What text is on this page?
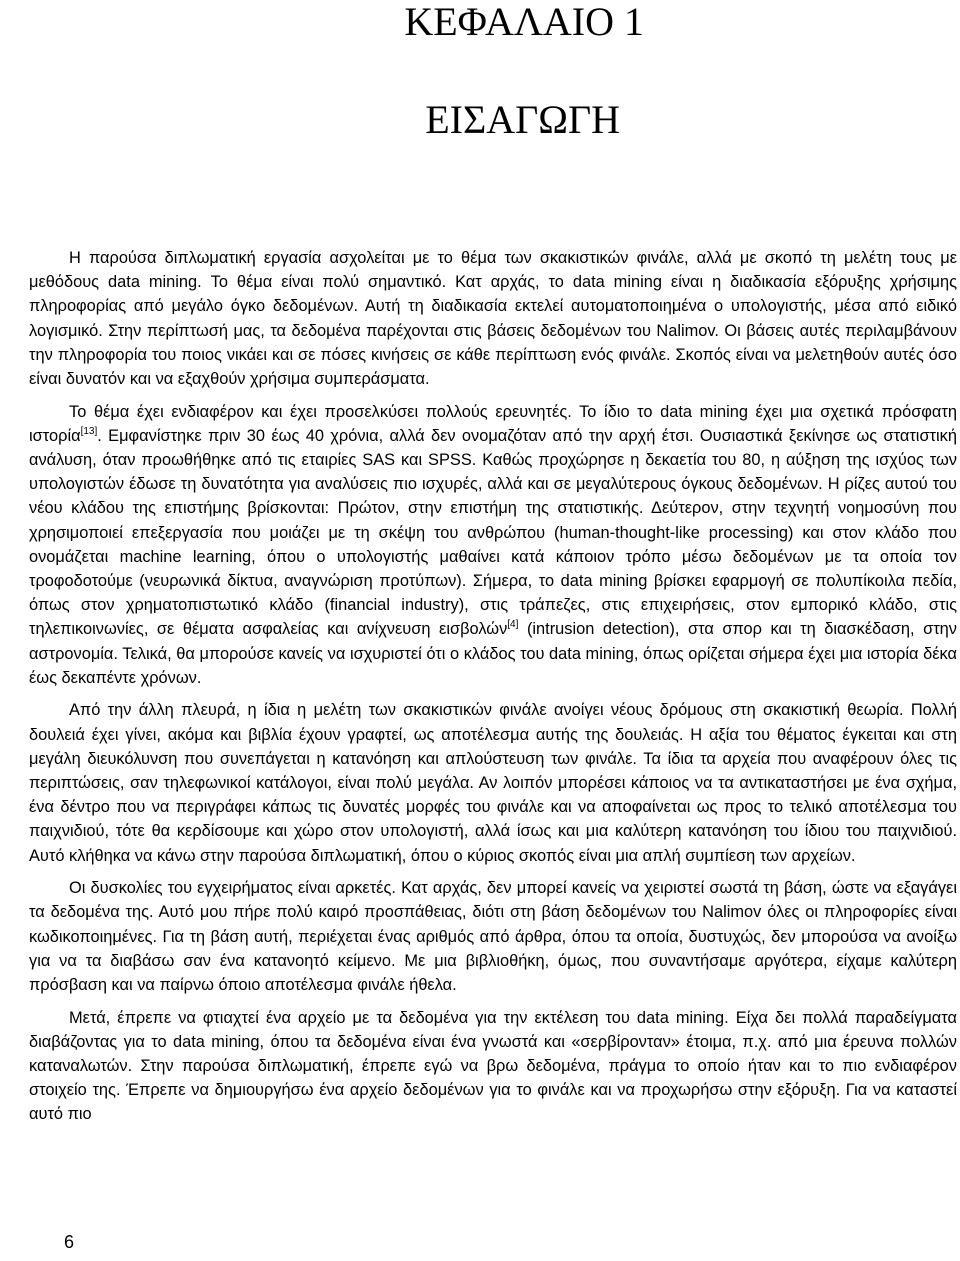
ΚΕΦΑΛΑΙΟ 1
ΕΙΣΑΓΩΓΗ

Η παρούσα διπλωματική εργασία ασχολείται με το θέμα των σκακιστικών φινάλε, αλλά με σκοπό τη μελέτη τους με μεθόδους data mining. Το θέμα είναι πολύ σημαντικό. Κατ αρχάς, το data mining είναι η διαδικασία εξόρυξης χρήσιμης πληροφορίας από μεγάλο όγκο δεδομένων. Αυτή τη διαδικασία εκτελεί αυτοματοποιημένα ο υπολογιστής, μέσα από ειδικό λογισμικό. Στην περίπτωσή μας, τα δεδομένα παρέχονται στις βάσεις δεδομένων του Nalimov. Οι βάσεις αυτές περιλαμβάνουν την πληροφορία του ποιος νικάει και σε πόσες κινήσεις σε κάθε περίπτωση ενός φινάλε. Σκοπός είναι να μελετηθούν αυτές όσο είναι δυνατόν και να εξαχθούν χρήσιμα συμπεράσματα.

Το θέμα έχει ενδιαφέρον και έχει προσελκύσει πολλούς ερευνητές. Το ίδιο το data mining έχει μια σχετικά πρόσφατη ιστορία[13]. Εμφανίστηκε πριν 30 έως 40 χρόνια, αλλά δεν ονομαζόταν από την αρχή έτσι. Ουσιαστικά ξεκίνησε ως στατιστική ανάλυση, όταν προωθήθηκε από τις εταιρίες SAS και SPSS. Καθώς προχώρησε η δεκαετία του 80, η αύξηση της ισχύος των υπολογιστών έδωσε τη δυνατότητα για αναλύσεις πιο ισχυρές, αλλά και σε μεγαλύτερους όγκους δεδομένων. Η ρίζες αυτού του νέου κλάδου της επιστήμης βρίσκονται: Πρώτον, στην επιστήμη της στατιστικής. Δεύτερον, στην τεχνητή νοημοσύνη που χρησιμοποιεί επεξεργασία που μοιάζει με τη σκέψη του ανθρώπου (human-thought-like processing) και στον κλάδο που ονομάζεται machine learning, όπου ο υπολογιστής μαθαίνει κατά κάποιον τρόπο μέσω δεδομένων με τα οποία τον τροφοδοτούμε (νευρωνικά δίκτυα, αναγνώριση προτύπων). Σήμερα, το data mining βρίσκει εφαρμογή σε πολυπίκοιλα πεδία, όπως στον χρηματοπιστωτικό κλάδο (financial industry), στις τράπεζες, στις επιχειρήσεις, στον εμπορικό κλάδο, στις τηλεπικοινωνίες, σε θέματα ασφαλείας και ανίχνευση εισβολών[4] (intrusion detection), στα σπορ και τη διασκέδαση, στην αστρονομία. Τελικά, θα μπορούσε κανείς να ισχυριστεί ότι ο κλάδος του data mining, όπως ορίζεται σήμερα έχει μια ιστορία δέκα έως δεκαπέντε χρόνων.

Από την άλλη πλευρά, η ίδια η μελέτη των σκακιστικών φινάλε ανοίγει νέους δρόμους στη σκακιστική θεωρία. Πολλή δουλειά έχει γίνει, ακόμα και βιβλία έχουν γραφτεί, ως αποτέλεσμα αυτής της δουλειάς. Η αξία του θέματος έγκειται και στη μεγάλη διευκόλυνση που συνεπάγεται η κατανόηση και απλούστευση των φινάλε. Τα ίδια τα αρχεία που αναφέρουν όλες τις περιπτώσεις, σαν τηλεφωνικοί κατάλογοι, είναι πολύ μεγάλα. Αν λοιπόν μπορέσει κάποιος να τα αντικαταστήσει με ένα σχήμα, ένα δέντρο που να περιγράφει κάπως τις δυνατές μορφές του φινάλε και να αποφαίνεται ως προς το τελικό αποτέλεσμα του παιχνιδιού, τότε θα κερδίσουμε και χώρο στον υπολογιστή, αλλά ίσως και μια καλύτερη κατανόηση του ίδιου του παιχνιδιού. Αυτό κλήθηκα να κάνω στην παρούσα διπλωματική, όπου ο κύριος σκοπός είναι μια απλή συμπίεση των αρχείων.

Οι δυσκολίες του εγχειρήματος είναι αρκετές. Κατ αρχάς, δεν μπορεί κανείς να χειριστεί σωστά τη βάση, ώστε να εξαγάγει τα δεδομένα της. Αυτό μου πήρε πολύ καιρό προσπάθειας, διότι στη βάση δεδομένων του Nalimov όλες οι πληροφορίες είναι κωδικοποιημένες. Για τη βάση αυτή, περιέχεται ένας αριθμός από άρθρα, όπου τα οποία, δυστυχώς, δεν μπορούσα να ανοίξω για να τα διαβάσω σαν ένα κατανοητό κείμενο. Με μια βιβλιοθήκη, όμως, που συναντήσαμε αργότερα, είχαμε καλύτερη πρόσβαση και να παίρνω όποιο αποτέλεσμα φινάλε ήθελα.

Μετά, έπρεπε να φτιαχτεί ένα αρχείο με τα δεδομένα για την εκτέλεση του data mining. Είχα δει πολλά παραδείγματα διαβάζοντας για το data mining, όπου τα δεδομένα είναι ένα γνωστά και «σερβίρονταν» έτοιμα, π.χ. από μια έρευνα πολλών καταναλωτών. Στην παρούσα διπλωματική, έπρεπε εγώ να βρω δεδομένα, πράγμα το οποίο ήταν και το πιο ενδιαφέρον στοιχείο της. Έπρεπε να δημιουργήσω ένα αρχείο δεδομένων για το φινάλε και να προχωρήσω στην εξόρυξη. Για να καταστεί αυτό πιο

6
